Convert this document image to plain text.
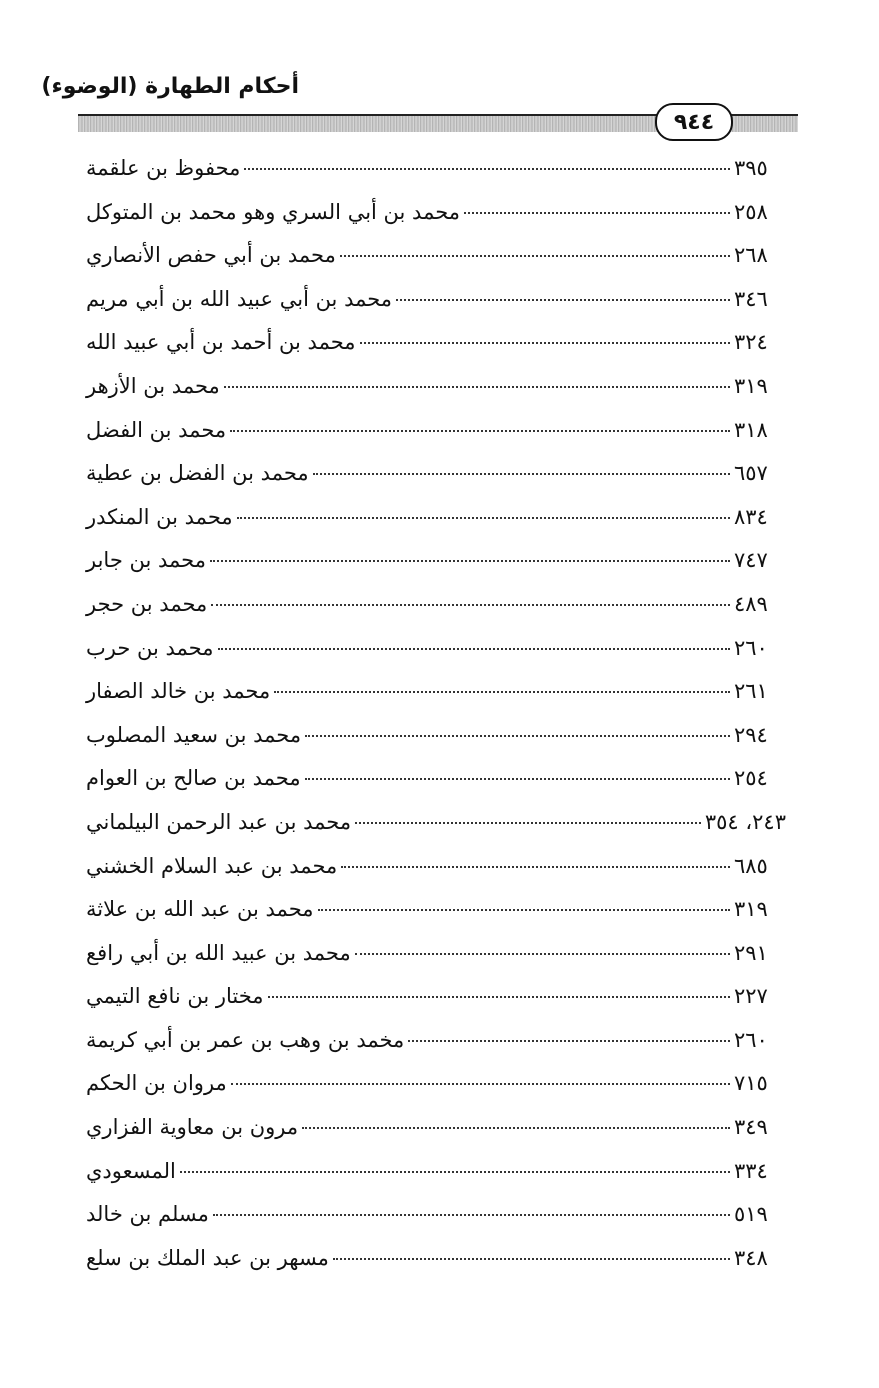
أحكام الطهارة (الوضوء)
٩٤٤
محفوظ بن علقمة	٣٩٥
محمد بن أبي السري وهو محمد بن المتوكل	٢٥٨
محمد بن أبي حفص الأنصاري	٢٦٨
محمد بن أبي عبيد الله بن أبي مريم	٣٤٦
محمد بن أحمد بن أبي عبيد الله	٣٢٤
محمد بن الأزهر	٣١٩
محمد بن الفضل	٣١٨
محمد بن الفضل بن عطية	٦٥٧
محمد بن المنكدر	٨٣٤
محمد بن جابر	٧٤٧
محمد بن حجر	٤٨٩
محمد بن حرب	٢٦٠
محمد بن خالد الصفار	٢٦١
محمد بن سعيد المصلوب	٢٩٤
محمد بن صالح بن العوام	٢٥٤
محمد بن عبد الرحمن البيلماني	٢٤٣، ٣٥٤
محمد بن عبد السلام الخشني	٦٨٥
محمد بن عبد الله بن علاثة	٣١٩
محمد بن عبيد الله بن أبي رافع	٢٩١
مختار بن نافع التيمي	٢٢٧
مخمد بن وهب بن عمر بن أبي كريمة	٢٦٠
مروان بن الحكم	٧١٥
مرون بن معاوية الفزاري	٣٤٩
المسعودي	٣٣٤
مسلم بن خالد	٥١٩
مسهر بن عبد الملك بن سلع	٣٤٨
